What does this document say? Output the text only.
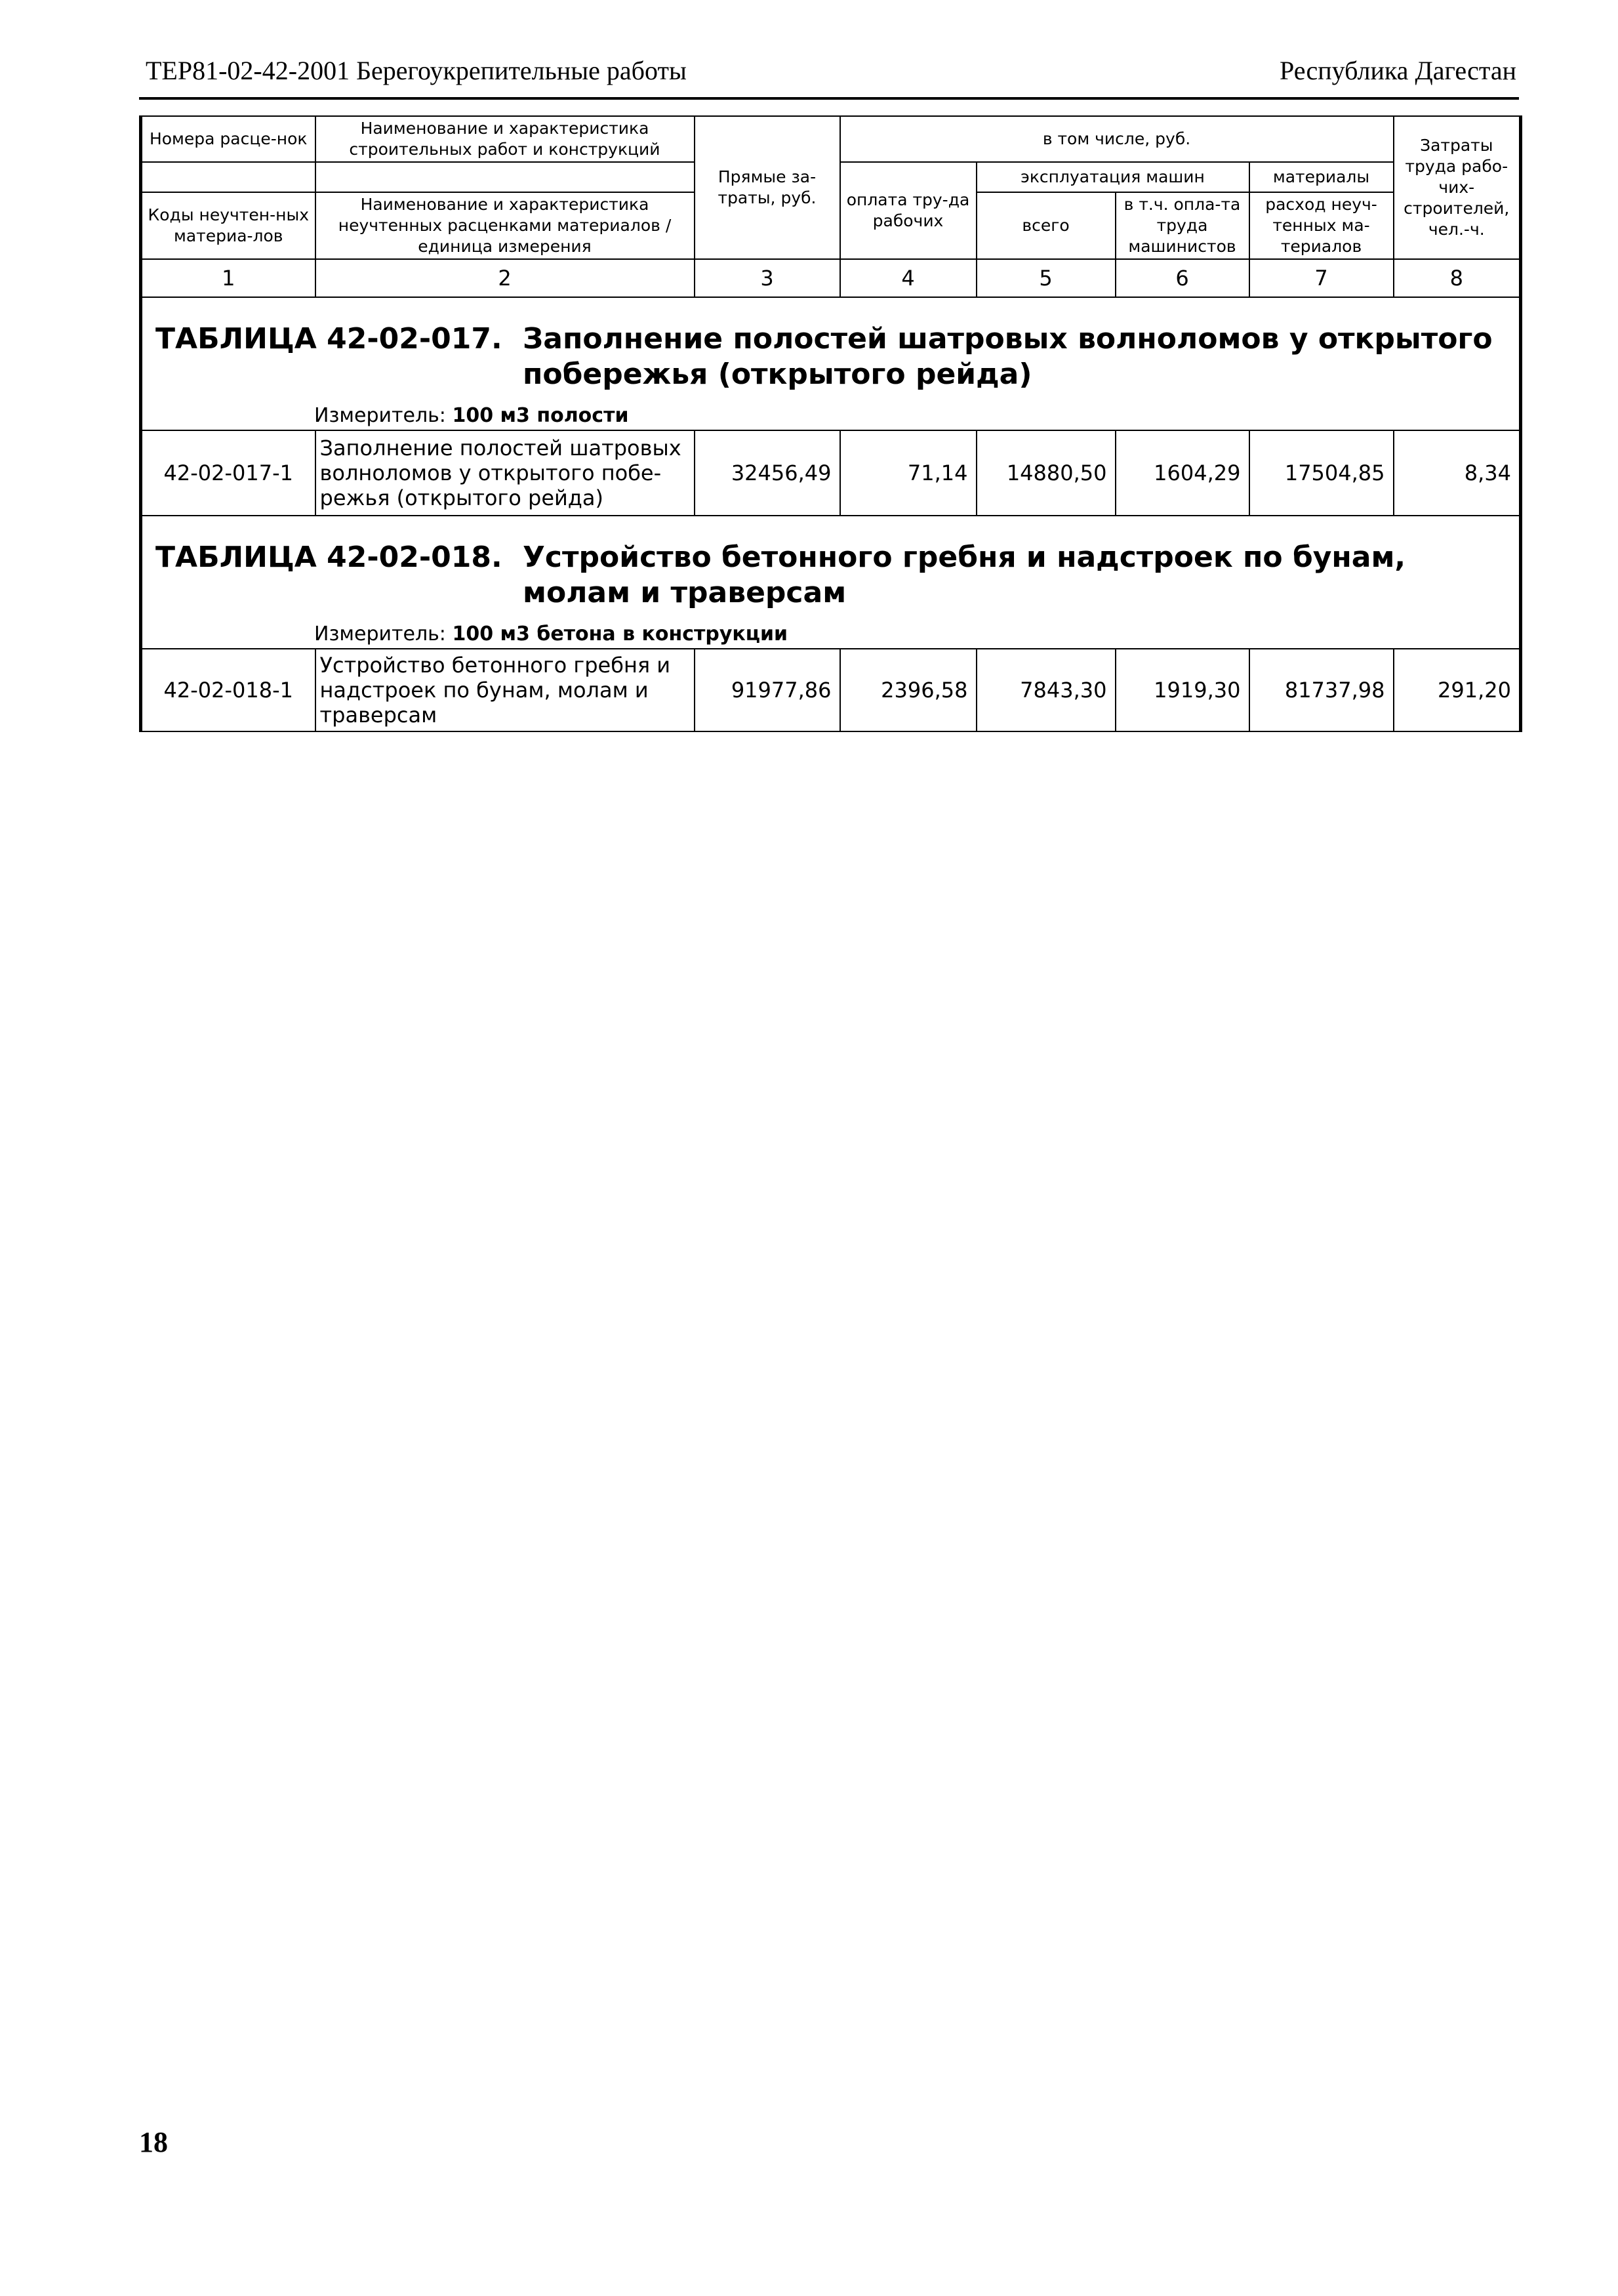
ТЕР81-02-42-2001 Берегоукрепительные работы	Республика Дагестан
Номера расце-нок	Наименование и характеристика строительных работ и конструкций	Прямые за-траты, руб.	в том числе, руб.				Затраты труда рабо-чих-строителей, чел.-ч.
			оплата тру-да рабочих	эксплуатация машин		материалы	
Коды неучтен-ных материа-лов	Наименование и характеристика неучтенных расценками материалов / единица измерения			всего	в т.ч. опла-та труда машинистов	расход неуч-тенных ма-териалов	

1	2	3	4	5	6	7	8

ТАБЛИЦА 42-02-017. Заполнение полостей шатровых волноломов у открытого побережья (открытого рейда)
Измеритель: 100 м3 полости							

42-02-017-1	Заполнение полостей шатровых волноломов у открытого побе-режья (открытого рейда)	32456,49	71,14	14880,50	1604,29	17504,85	8,34

ТАБЛИЦА 42-02-018. Устройство бетонного гребня и надстроек по бунам, молам и траверсам
Измеритель: 100 м3 бетона в конструкции							

42-02-018-1	Устройство бетонного гребня и надстроек по бунам, молам и траверсам	91977,86	2396,58	7843,30	1919,30	81737,98	291,20
18
